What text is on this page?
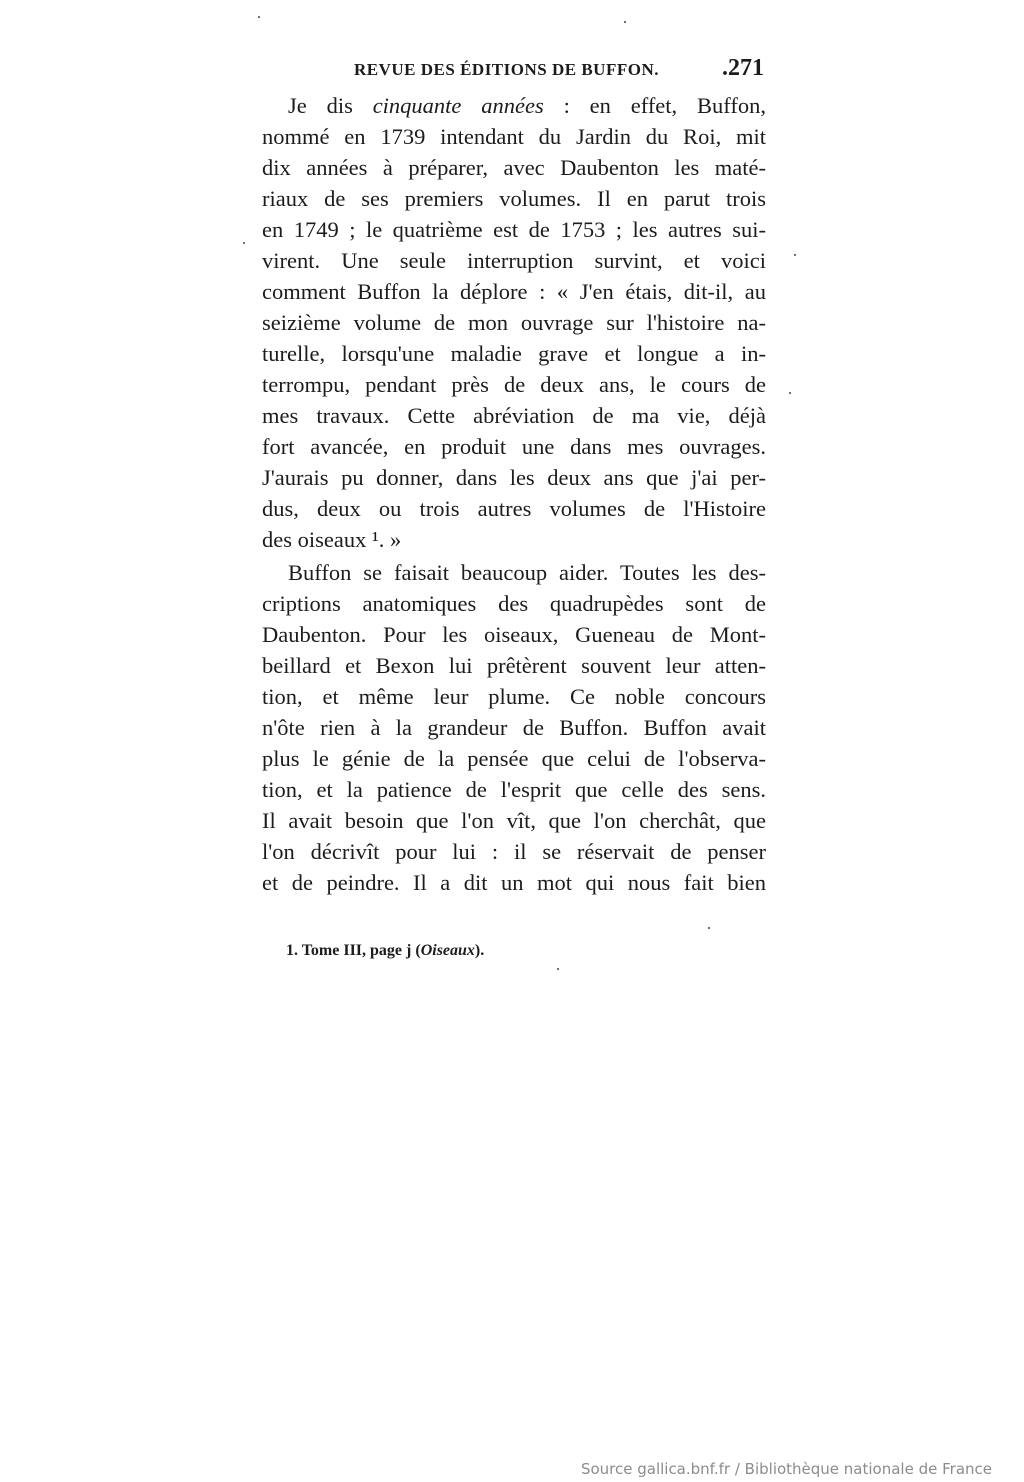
REVUE DES ÉDITIONS DE BUFFON.	.271
Je dis cinquante années : en effet, Buffon,
nommé en 1739 intendant du Jardin du Roi, mit
dix années à préparer, avec Daubenton les maté-
riaux de ses premiers volumes. Il en parut trois
en 1749 ; le quatrième est de 1753 ; les autres sui-
virent. Une seule interruption survint, et voici
comment Buffon la déplore : « J'en étais, dit-il, au
seizième volume de mon ouvrage sur l'histoire na-
turelle, lorsqu'une maladie grave et longue a in-
terrompu, pendant près de deux ans, le cours de
mes travaux. Cette abréviation de ma vie, déjà
fort avancée, en produit une dans mes ouvrages.
J'aurais pu donner, dans les deux ans que j'ai per-
dus, deux ou trois autres volumes de l'Histoire
des oiseaux ¹. »
Buffon se faisait beaucoup aider. Toutes les des-
criptions anatomiques des quadrupèdes sont de
Daubenton. Pour les oiseaux, Gueneau de Mont-
beillard et Bexon lui prêtèrent souvent leur atten-
tion, et même leur plume. Ce noble concours
n'ôte rien à la grandeur de Buffon. Buffon avait
plus le génie de la pensée que celui de l'observa-
tion, et la patience de l'esprit que celle des sens.
Il avait besoin que l'on vît, que l'on cherchât, que
l'on décrivît pour lui : il se réservait de penser
et de peindre. Il a dit un mot qui nous fait bien
1. Tome III, page j (Oiseaux).
Source gallica.bnf.fr / Bibliothèque nationale de France
